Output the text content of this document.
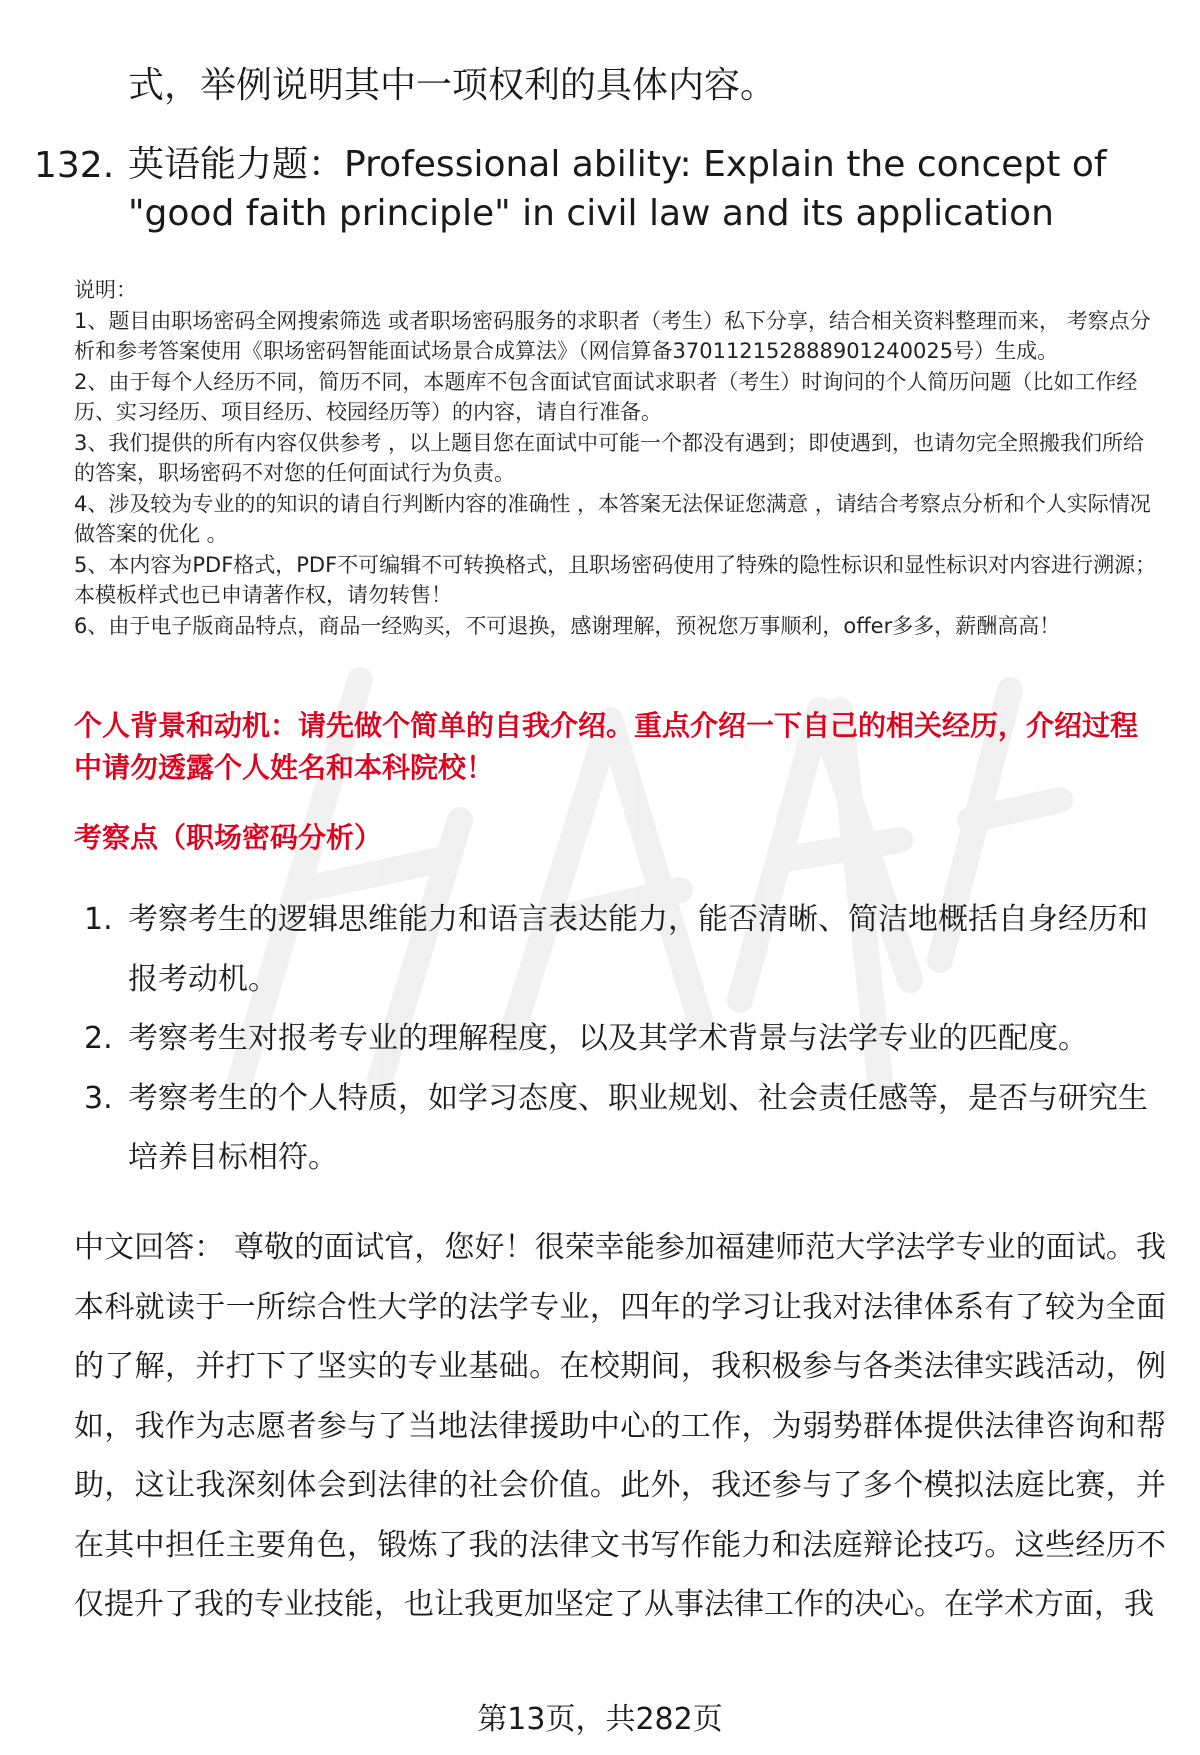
式，举例说明其中一项权利的具体内容。

132. 英语能力题：Professional ability: Explain the concept of "good faith principle" in civil law and its application

说明：

1、题目由职场密码全网搜索筛选 或者职场密码服务的求职者（考生）私下分享，结合相关资料整理而来， 考察点分析和参考答案使用《职场密码智能面试场景合成算法》（网信算备370112152888901240025号）生成。

2、由于每个人经历不同，简历不同，本题库不包含面试官面试求职者（考生）时询问的个人简历问题（比如工作经历、实习经历、项目经历、校园经历等）的内容，请自行准备。

3、我们提供的所有内容仅供参考 ，以上题目您在面试中可能一个都没有遇到；即使遇到，也请勿完全照搬我们所给的答案，职场密码不对您的任何面试行为负责。

4、涉及较为专业的的知识的请自行判断内容的准确性 ，本答案无法保证您满意 ，请结合考察点分析和个人实际情况做答案的优化 。

5、本内容为PDF格式，PDF不可编辑不可转换格式，且职场密码使用了特殊的隐性标识和显性标识对内容进行溯源；本模板样式也已申请著作权，请勿转售！

6、由于电子版商品特点，商品一经购买，不可退换，感谢理解，预祝您万事顺利，offer多多，薪酬高高！

个人背景和动机：请先做个简单的自我介绍。重点介绍一下自己的相关经历，介绍过程中请勿透露个人姓名和本科院校！

考察点（职场密码分析）

1. 考察考生的逻辑思维能力和语言表达能力，能否清晰、简洁地概括自身经历和报考动机。
2. 考察考生对报考专业的理解程度，以及其学术背景与法学专业的匹配度。
3. 考察考生的个人特质，如学习态度、职业规划、社会责任感等，是否与研究生培养目标相符。

中文回答： 尊敬的面试官，您好！很荣幸能参加福建师范大学法学专业的面试。我本科就读于一所综合性大学的法学专业，四年的学习让我对法律体系有了较为全面的了解，并打下了坚实的专业基础。在校期间，我积极参与各类法律实践活动，例如，我作为志愿者参与了当地法律援助中心的工作，为弱势群体提供法律咨询和帮助，这让我深刻体会到法律的社会价值。此外，我还参与了多个模拟法庭比赛，并在其中担任主要角色，锻炼了我的法律文书写作能力和法庭辩论技巧。这些经历不仅提升了我的专业技能，也让我更加坚定了从事法律工作的决心。在学术方面，我

第13页，共282页
